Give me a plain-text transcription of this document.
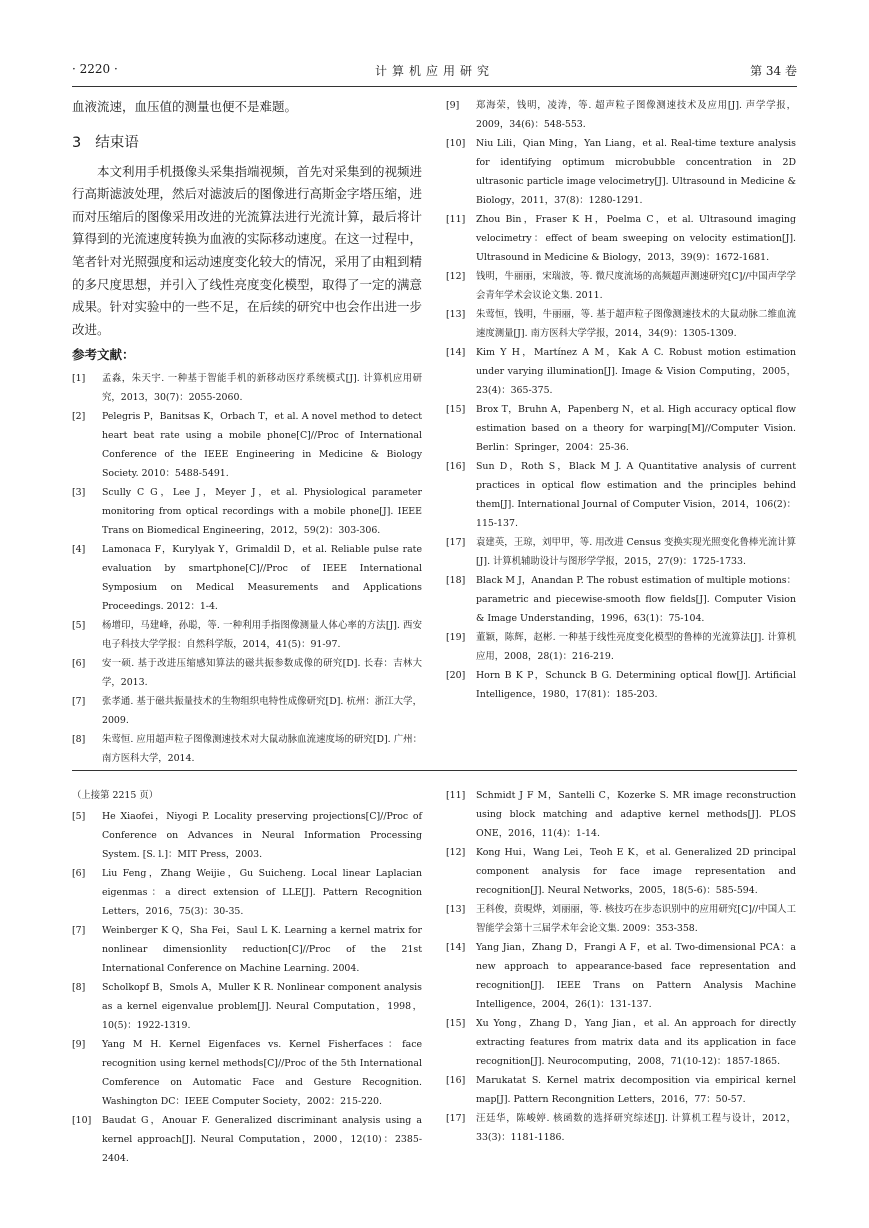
· 2220 ·	计算机应用研究	第 34 卷

血液流速，血压值的测量也便不是难题。

3 结束语

本文利用手机摄像头采集指端视频，首先对采集到的视频进行高斯滤波处理，然后对滤波后的图像进行高斯金字塔压缩，进而对压缩后的图像采用改进的光流算法进行光流计算，最后将计算得到的光流速度转换为血液的实际移动速度。在这一过程中，笔者针对光照强度和运动速度变化较大的情况，采用了由粗到精的多尺度思想，并引入了线性亮度变化模型，取得了一定的满意成果。针对实验中的一些不足，在后续的研究中也会作出进一步改进。

参考文献：
[1]	孟淼，朱天宇. 一种基于智能手机的新移动医疗系统模式[J]. 计算机应用研究，2013，30(7)：2055-2060.
[2]	Pelegris P，Banitsas K，Orbach T，et al. A novel method to detect heart beat rate using a mobile phone[C]//Proc of International Conference of the IEEE Engineering in Medicine & Biology Society. 2010：5488-5491.
[3]	Scully C G，Lee J，Meyer J，et al. Physiological parameter monitoring from optical recordings with a mobile phone[J]. IEEE Trans on Biomedical Engineering，2012，59(2)：303-306.
[4]	Lamonaca F，Kurylyak Y，Grimaldil D，et al. Reliable pulse rate evaluation by smartphone[C]//Proc of IEEE International Symposium on Medical Measurements and Applications Proceedings. 2012：1-4.
[5]	杨增印，马建峰，孙聪，等. 一种利用手指图像测量人体心率的方法[J]. 西安电子科技大学学报：自然科学版，2014，41(5)：91-97.
[6]	安一硕. 基于改进压缩感知算法的磁共振参数成像的研究[D]. 长春：吉林大学，2013.
[7]	张孝通. 基于磁共振量技术的生物组织电特性成像研究[D]. 杭州：浙江大学，2009.
[8]	朱莺恒. 应用超声粒子图像测速技术对大鼠动脉血流速度场的研究[D]. 广州：南方医科大学，2014.
[9]	郑海荣，钱明，凌涛，等. 超声粒子图像测速技术及应用[J]. 声学学报，2009，34(6)：548-553.
[10]	Niu Lili，Qian Ming，Yan Liang，et al. Real-time texture analysis for identifying optimum microbubble concentration in 2D ultrasonic particle image velocimetry[J]. Ultrasound in Medicine & Biology，2011，37(8)：1280-1291.
[11]	Zhou Bin，Fraser K H，Poelma C，et al. Ultrasound imaging velocimetry：effect of beam sweeping on velocity estimation[J]. Ultrasound in Medicine & Biology，2013，39(9)：1672-1681.
[12]	钱明，牛丽丽，宋瑞波，等. 微尺度流场的高频超声测速研究[C]//中国声学学会青年学术会议论文集. 2011.
[13]	朱莺恒，钱明，牛丽丽，等. 基于超声粒子图像测速技术的大鼠动脉二维血流速度测量[J]. 南方医科大学学报，2014，34(9)：1305-1309.
[14]	Kim Y H，Martínez A M，Kak A C. Robust motion estimation under varying illumination[J]. Image & Vision Computing，2005，23(4)：365-375.
[15]	Brox T，Bruhn A，Papenberg N，et al. High accuracy optical flow estimation based on a theory for warping[M]//Computer Vision. Berlin：Springer，2004：25-36.
[16]	Sun D，Roth S，Black M J. A Quantitative analysis of current practices in optical flow estimation and the principles behind them[J]. International Journal of Computer Vision，2014，106(2)：115-137.
[17]	袁建英，王琼，刘甲甲，等. 用改进 Census 变换实现光照变化鲁棒光流计算[J]. 计算机辅助设计与图形学学报，2015，27(9)：1725-1733.
[18]	Black M J，Anandan P. The robust estimation of multiple motions：parametric and piecewise-smooth flow fields[J]. Computer Vision & Image Understanding，1996，63(1)：75-104.
[19]	董颖，陈辉，赵彬. 一种基于线性亮度变化模型的鲁棒的光流算法[J]. 计算机应用，2008，28(1)：216-219.
[20]	Horn B K P，Schunck B G. Determining optical flow[J]. Artificial Intelligence，1980，17(81)：185-203.
（上接第 2215 页）
[5]	He Xiaofei，Niyogi P. Locality preserving projections[C]//Proc of Conference on Advances in Neural Information Processing System. [S. l.]：MIT Press，2003.
[6]	Liu Feng，Zhang Weijie，Gu Suicheng. Local linear Laplacian eigenmas：a direct extension of LLE[J]. Pattern Recognition Letters，2016，75(3)：30-35.
[7]	Weinberger K Q，Sha Fei，Saul L K. Learning a kernel matrix for nonlinear dimensionlity reduction[C]//Proc of the 21st International Conference on Machine Learning. 2004.
[8]	Scholkopf B，Smols A，Muller K R. Nonlinear component analysis as a kernel eigenvalue problem[J]. Neural Computation，1998，10(5)：1922-1319.
[9]	Yang M H. Kernel Eigenfaces vs. Kernel Fisherfaces：face recognition using kernel methods[C]//Proc of the 5th International Comference on Automatic Face and Gesture Recognition. Washington DC：IEEE Computer Society，2002：215-220.
[10]	Baudat G，Anouar F. Generalized discriminant analysis using a kernel approach[J]. Neural Computation，2000，12(10)：2385-2404.
[11]	Schmidt J F M，Santelli C，Kozerke S. MR image reconstruction using block matching and adaptive kernel methods[J]. PLOS ONE，2016，11(4)：1-14.
[12]	Kong Hui，Wang Lei，Teoh E K，et al. Generalized 2D principal component analysis for face image representation and recognition[J]. Neural Networks，2005，18(5-6)：585-594.
[13]	王科俊，贲晛烨，刘丽丽，等. 核技巧在步态识别中的应用研究[C]//中国人工智能学会第十三届学术年会论文集. 2009：353-358.
[14]	Yang Jian，Zhang D，Frangi A F，et al. Two-dimensional PCA：a new approach to appearance-based face representation and recognition[J]. IEEE Trans on Pattern Analysis Machine Intelligence，2004，26(1)：131-137.
[15]	Xu Yong，Zhang D，Yang Jian，et al. An approach for directly extracting features from matrix data and its application in face recognition[J]. Neurocomputing，2008，71(10-12)：1857-1865.
[16]	Marukatat S. Kernel matrix decomposition via empirical kernel map[J]. Pattern Recongnition Letters，2016，77：50-57.
[17]	汪廷华，陈峻婷. 核函数的选择研究综述[J]. 计算机工程与设计，2012，33(3)：1181-1186.
